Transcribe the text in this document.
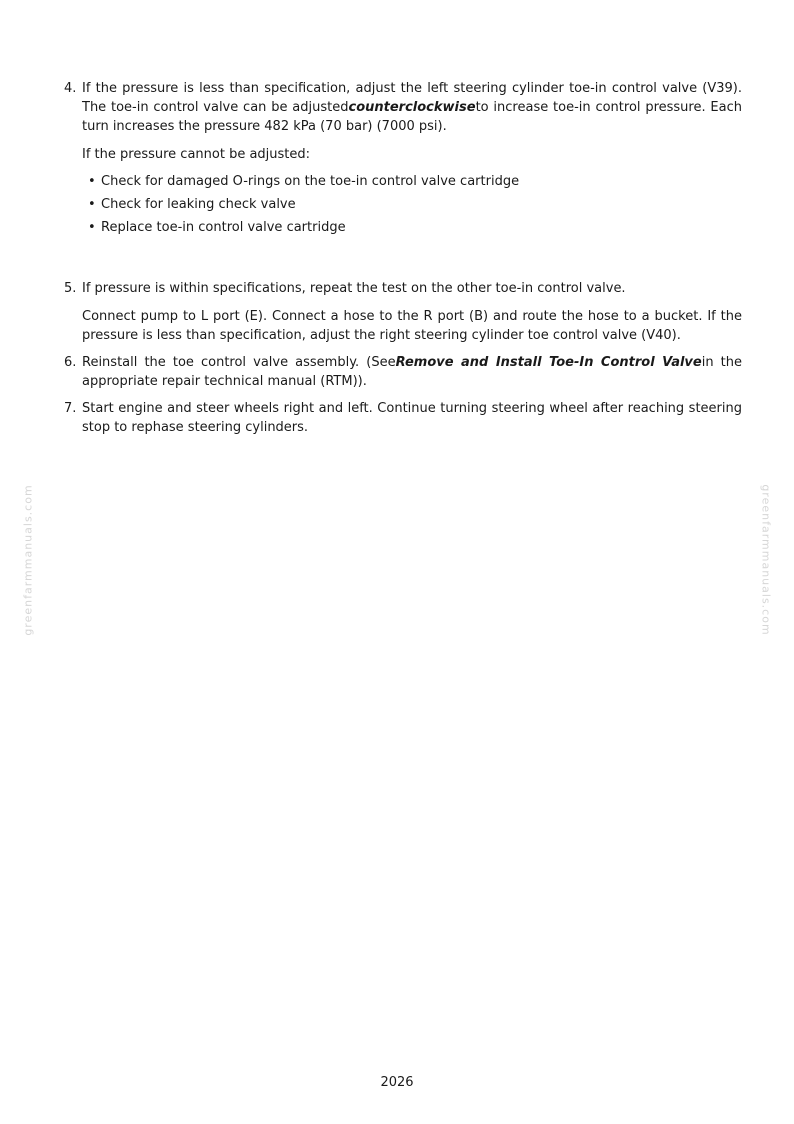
greenfarmmanuals.com	greenfarmmanuals.com
4. If the pressure is less than specification, adjust the left steering cylinder toe-in control valve (V39). The toe-in control valve can be adjustedcounterclockwiseto increase toe-in control pressure. Each turn increases the pressure 482 kPa (70 bar) (7000 psi).

If the pressure cannot be adjusted:

• Check for damaged O-rings on the toe-in control valve cartridge
• Check for leaking check valve
• Replace toe-in control valve cartridge
5. If pressure is within specifications, repeat the test on the other toe-in control valve.

Connect pump to L port (E). Connect a hose to the R port (B) and route the hose to a bucket. If the pressure is less than specification, adjust the right steering cylinder toe control valve (V40).

6. Reinstall the toe control valve assembly. (SeeRemove and Install Toe-In Control Valvein the appropriate repair technical manual (RTM)).

7. Start engine and steer wheels right and left. Continue turning steering wheel after reaching steering stop to rephase steering cylinders.

2026
